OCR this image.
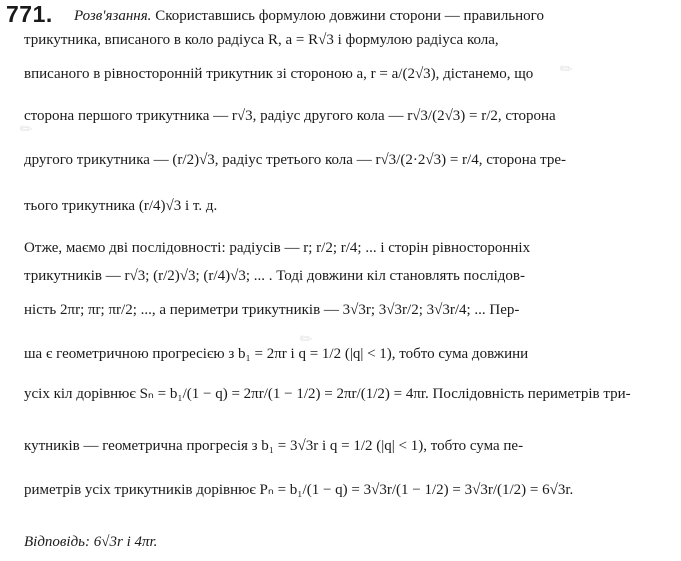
✎
✎
✎
771. Розв'язання. Скориставшись формулою довжини сторони — правильного
трикутника, вписаного в коло радіуса R, a = R√3 і формулою радіуса кола,
вписаного в рівносторонній трикутник зі стороною a, r = a/(2√3), дістанемо, що
сторона першого трикутника — r√3, радіус другого кола — r√3/(2√3) = r/2, сторона
другого трикутника — (r/2)√3, радіус третього кола — r√3/(2·2√3) = r/4, сторона тре-
тього трикутника (r/4)√3 і т. д.
Отже, маємо дві послідовності: радіусів — r; r/2; r/4; ... і сторін рівносторонніх
трикутників — r√3; (r/2)√3; (r/4)√3; ... . Тоді довжини кіл становлять послідов-
ність 2πr; πr; πr/2; ..., а периметри трикутників — 3√3r; 3√3r/2; 3√3r/4; ... Пер-
ша є геометричною прогресією з b₁ = 2πr і q = 1/2 (|q| < 1), тобто сума довжини
усіх кіл дорівнює Sₙ = b₁/(1 − q) = 2πr/(1 − 1/2) = 2πr/(1/2) = 4πr. Послідовність периметрів три-
кутників — геометрична прогресія з b₁ = 3√3r і q = 1/2 (|q| < 1), тобто сума пе-
риметрів усіх трикутників дорівнює Pₙ = b₁/(1 − q) = 3√3r/(1 − 1/2) = 3√3r/(1/2) = 6√3r.
Відповідь: 6√3r і 4πr.
